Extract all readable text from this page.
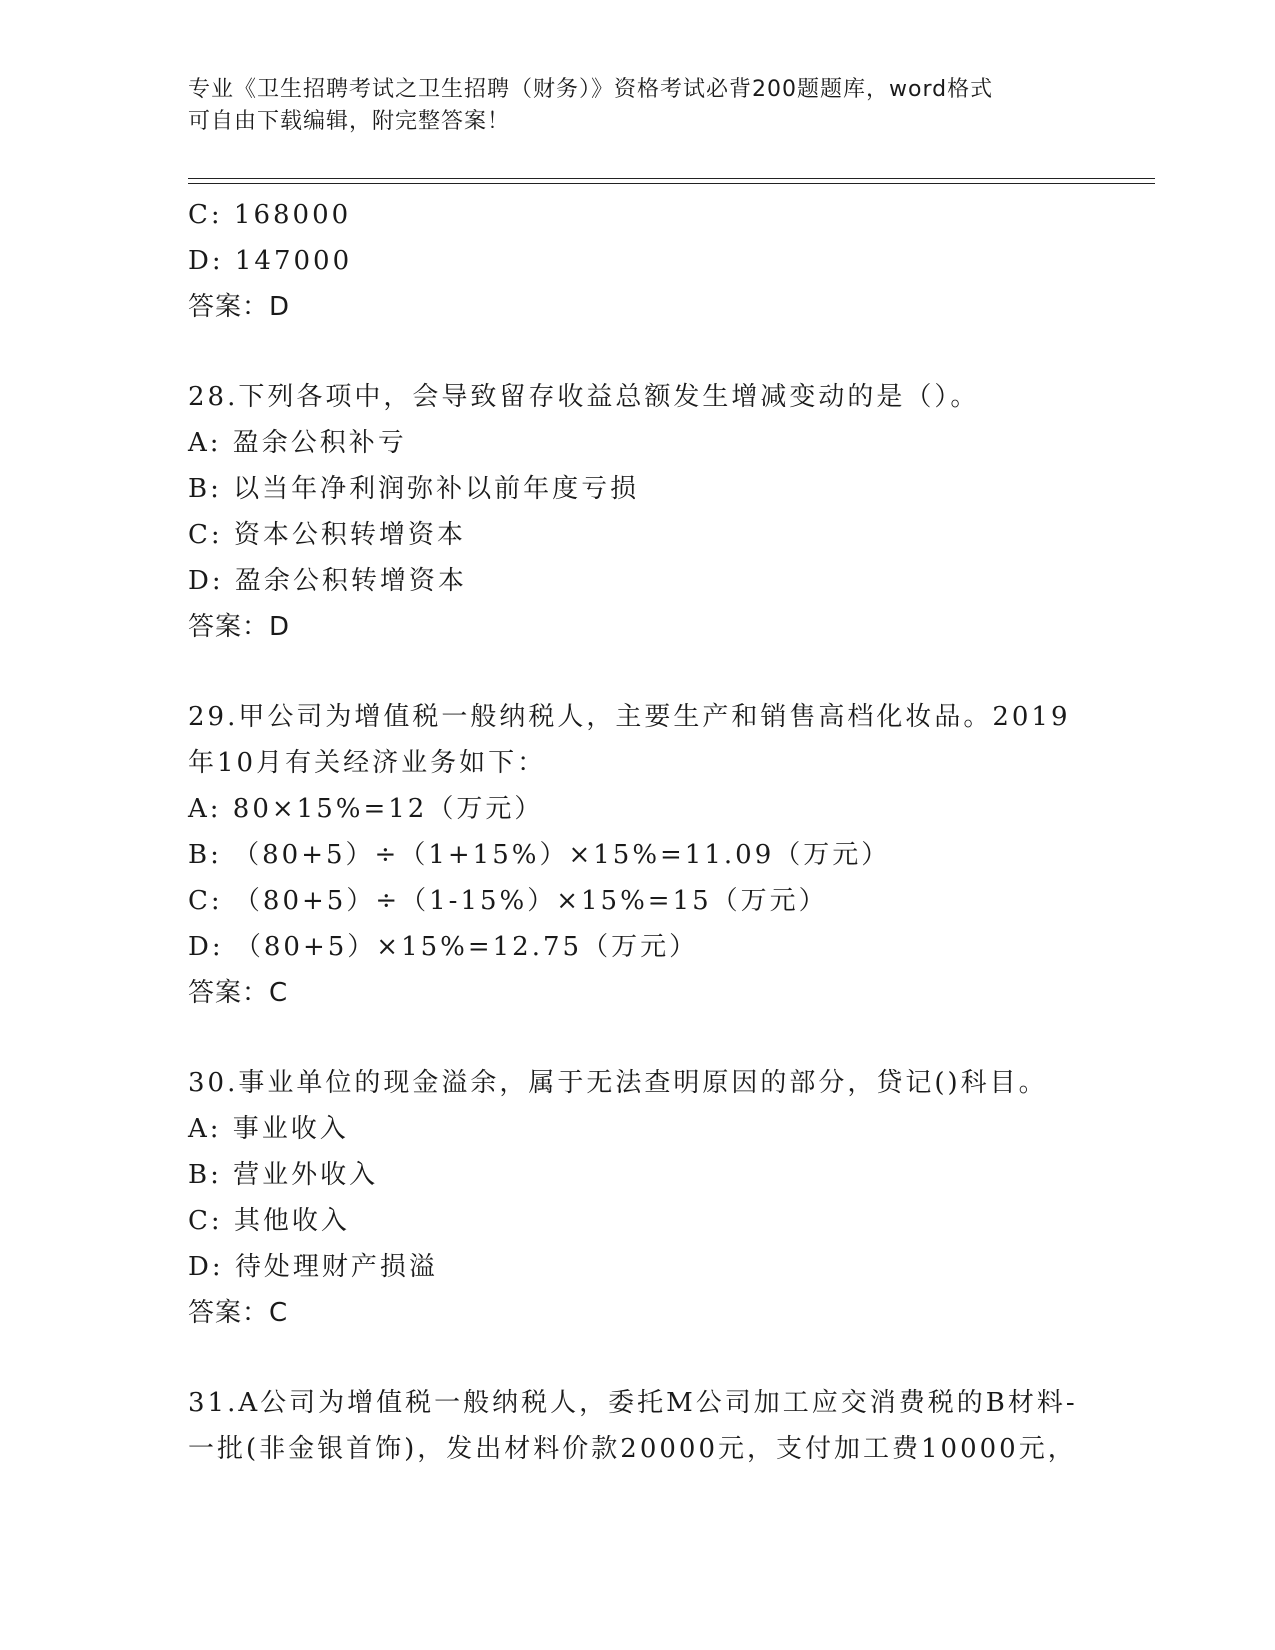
专业《卫生招聘考试之卫生招聘（财务）》资格考试必背200题题库，word格式
可自由下载编辑，附完整答案！
C: 168000
D: 147000
答案：D
28.下列各项中，会导致留存收益总额发生增减变动的是（）。
A: 盈余公积补亏
B: 以当年净利润弥补以前年度亏损
C: 资本公积转增资本
D: 盈余公积转增资本
答案：D
29.甲公司为增值税一般纳税人，主要生产和销售高档化妆品。2019
年10月有关经济业务如下：
A: 80×15%=12（万元）
B: （80+5）÷（1+15%）×15%=11.09（万元）
C: （80+5）÷（1-15%）×15%=15（万元）
D: （80+5）×15%=12.75（万元）
答案：C
30.事业单位的现金溢余，属于无法查明原因的部分，贷记()科目。
A: 事业收入
B: 营业外收入
C: 其他收入
D: 待处理财产损溢
答案：C
31.A公司为增值税一般纳税人，委托M公司加工应交消费税的B材料-
一批(非金银首饰)，发出材料价款20000元，支付加工费10000元，
